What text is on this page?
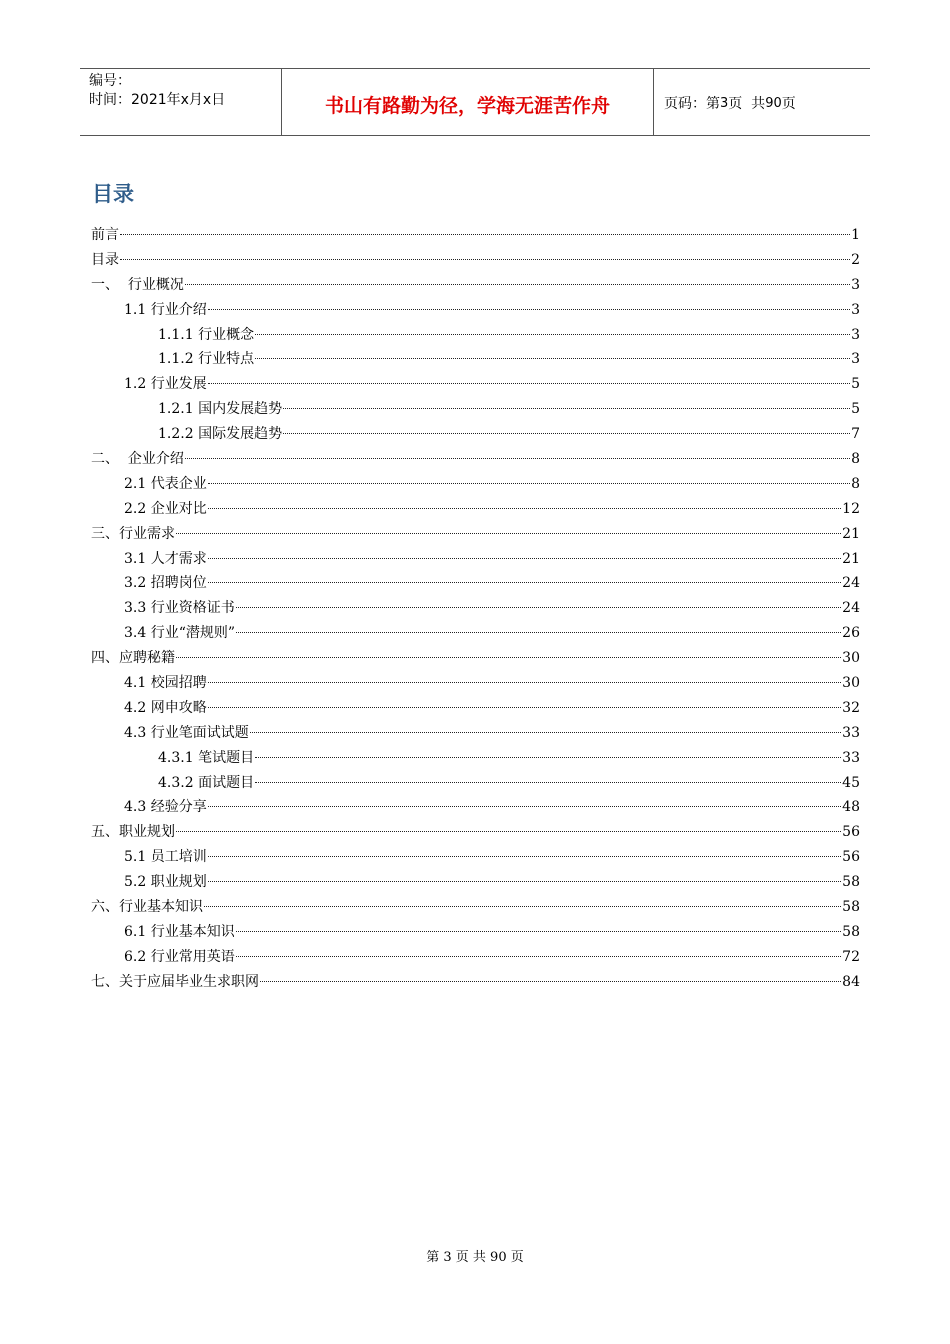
编号：
时间：2021年x月x日	书山有路勤为径，学海无涯苦作舟	页码：第 3 页  共 90 页
目录
前言	1
目录	2
一、  行业概况	3
1.1 行业介绍	3
1.1.1 行业概念	3
1.1.2 行业特点	3
1.2 行业发展	5
1.2.1 国内发展趋势	5
1.2.2 国际发展趋势	7
二、  企业介绍	8
2.1 代表企业	8
2.2 企业对比	12
三、行业需求	21
3.1 人才需求	21
3.2 招聘岗位	24
3.3 行业资格证书	24
3.4 行业“潜规则”	26
四、应聘秘籍	30
4.1 校园招聘	30
4.2 网申攻略	32
4.3 行业笔面试试题	33
4.3.1 笔试题目	33
4.3.2 面试题目	45
4.3 经验分享	48
五、职业规划	56
5.1 员工培训	56
5.2 职业规划	58
六、行业基本知识	58
6.1 行业基本知识	58
6.2 行业常用英语	72
七、关于应届毕业生求职网	84
第 3 页 共 90 页
